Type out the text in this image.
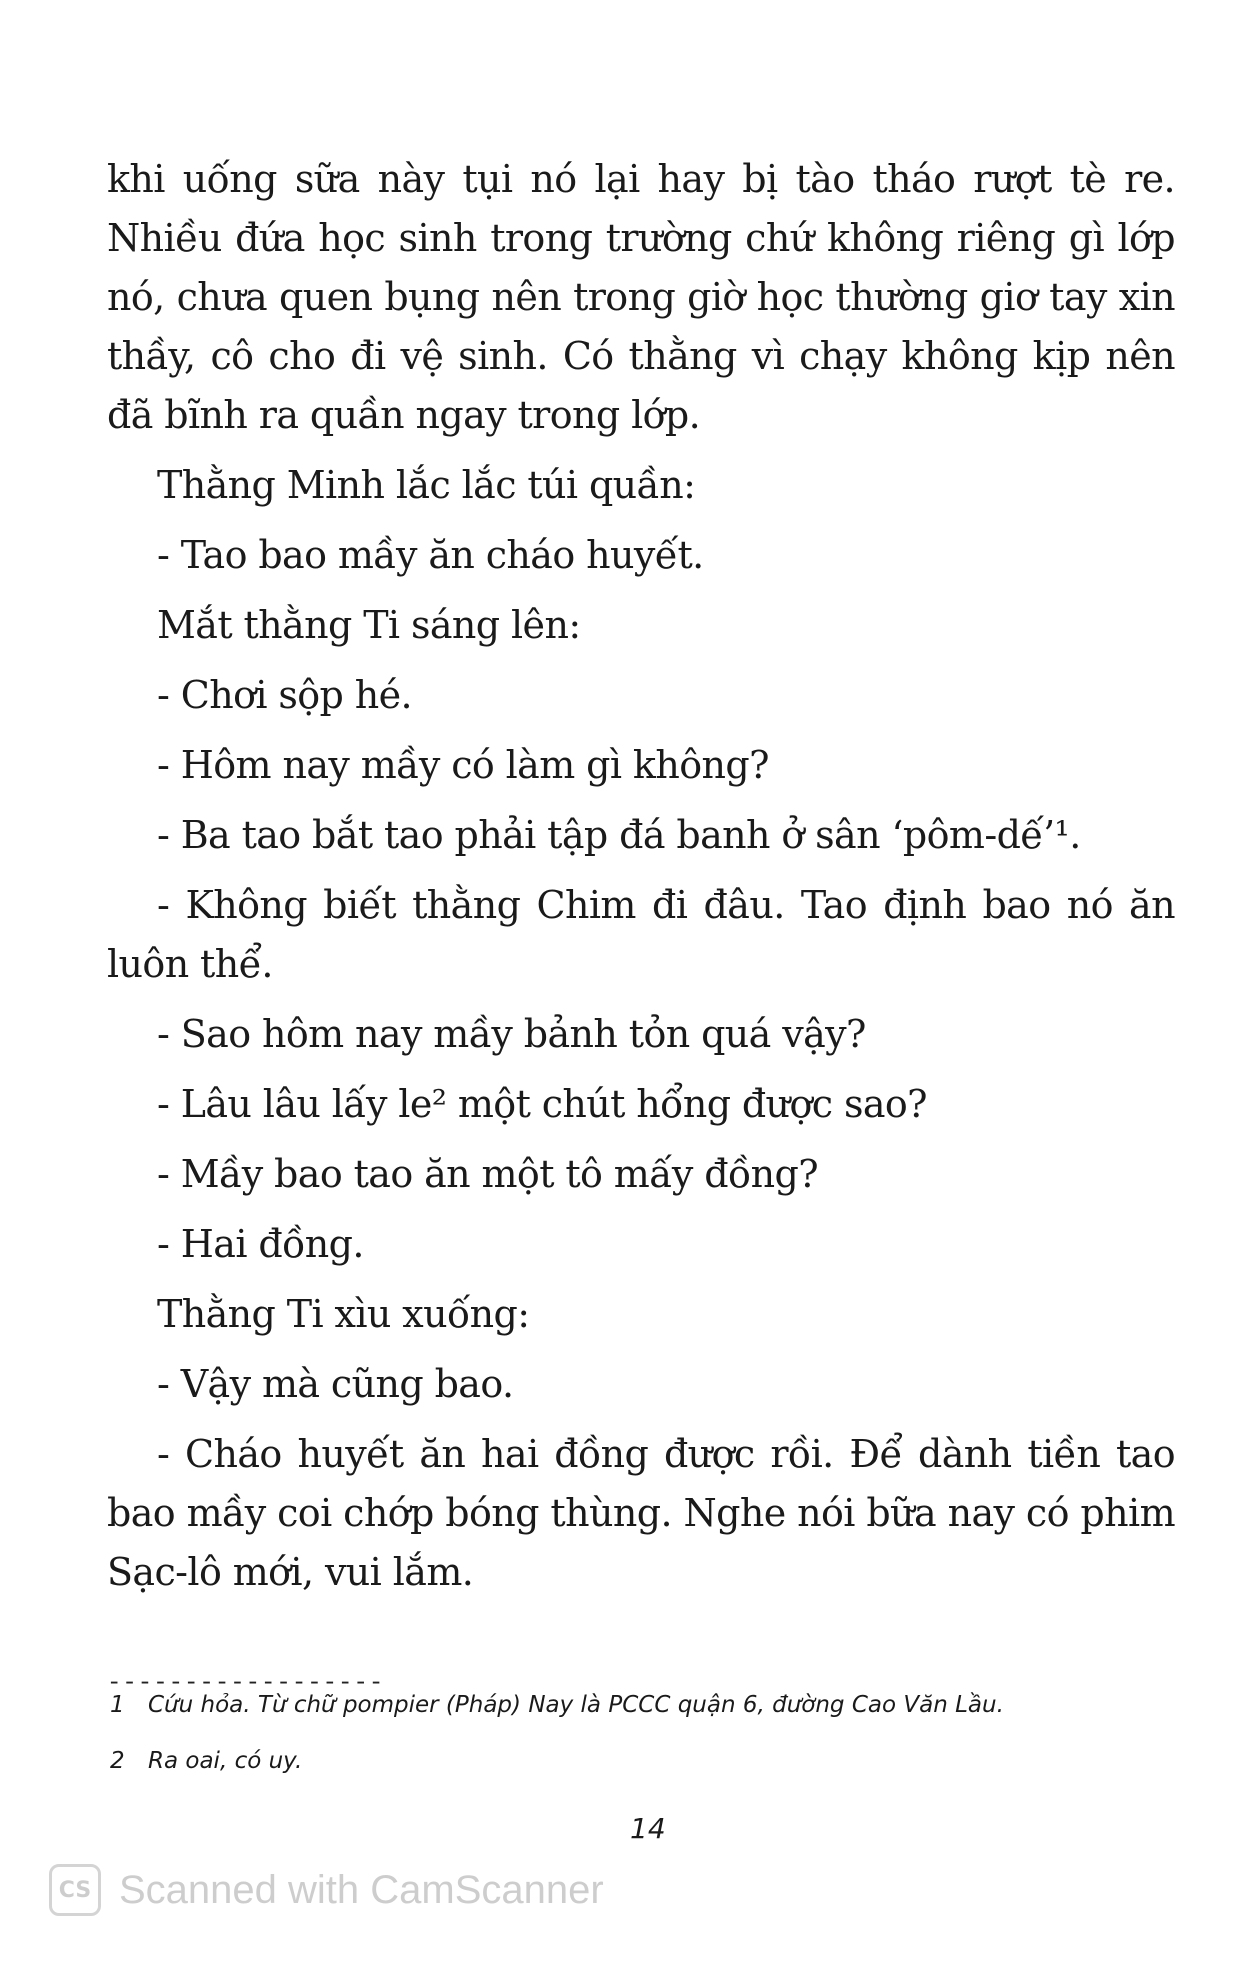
khi uống sữa này tụi nó lại hay bị tào tháo rượt tè re. Nhiều đứa học sinh trong trường chứ không riêng gì lớp nó, chưa quen bụng nên trong giờ học thường giơ tay xin thầy, cô cho đi vệ sinh. Có thằng vì chạy không kịp nên đã bĩnh ra quần ngay trong lớp.

Thằng Minh lắc lắc túi quần:

- Tao bao mầy ăn cháo huyết.

Mắt thằng Ti sáng lên:

- Chơi sộp hé.

- Hôm nay mầy có làm gì không?

- Ba tao bắt tao phải tập đá banh ở sân ‘pôm-dế’¹.

- Không biết thằng Chim đi đâu. Tao định bao nó ăn luôn thể.

- Sao hôm nay mầy bảnh tỏn quá vậy?

- Lâu lâu lấy le² một chút hổng được sao?

- Mầy bao tao ăn một tô mấy đồng?

- Hai đồng.

Thằng Ti xìu xuống:

- Vậy mà cũng bao.

- Cháo huyết ăn hai đồng được rồi. Để dành tiền tao bao mầy coi chớp bóng thùng. Nghe nói bữa nay có phim Sạc-lô mới, vui lắm.

------------------
1	Cứu hỏa. Từ chữ pompier (Pháp) Nay là PCCC quận 6, đường Cao Văn Lầu.
2	Ra oai, có uy.
14
CS Scanned with CamScanner
